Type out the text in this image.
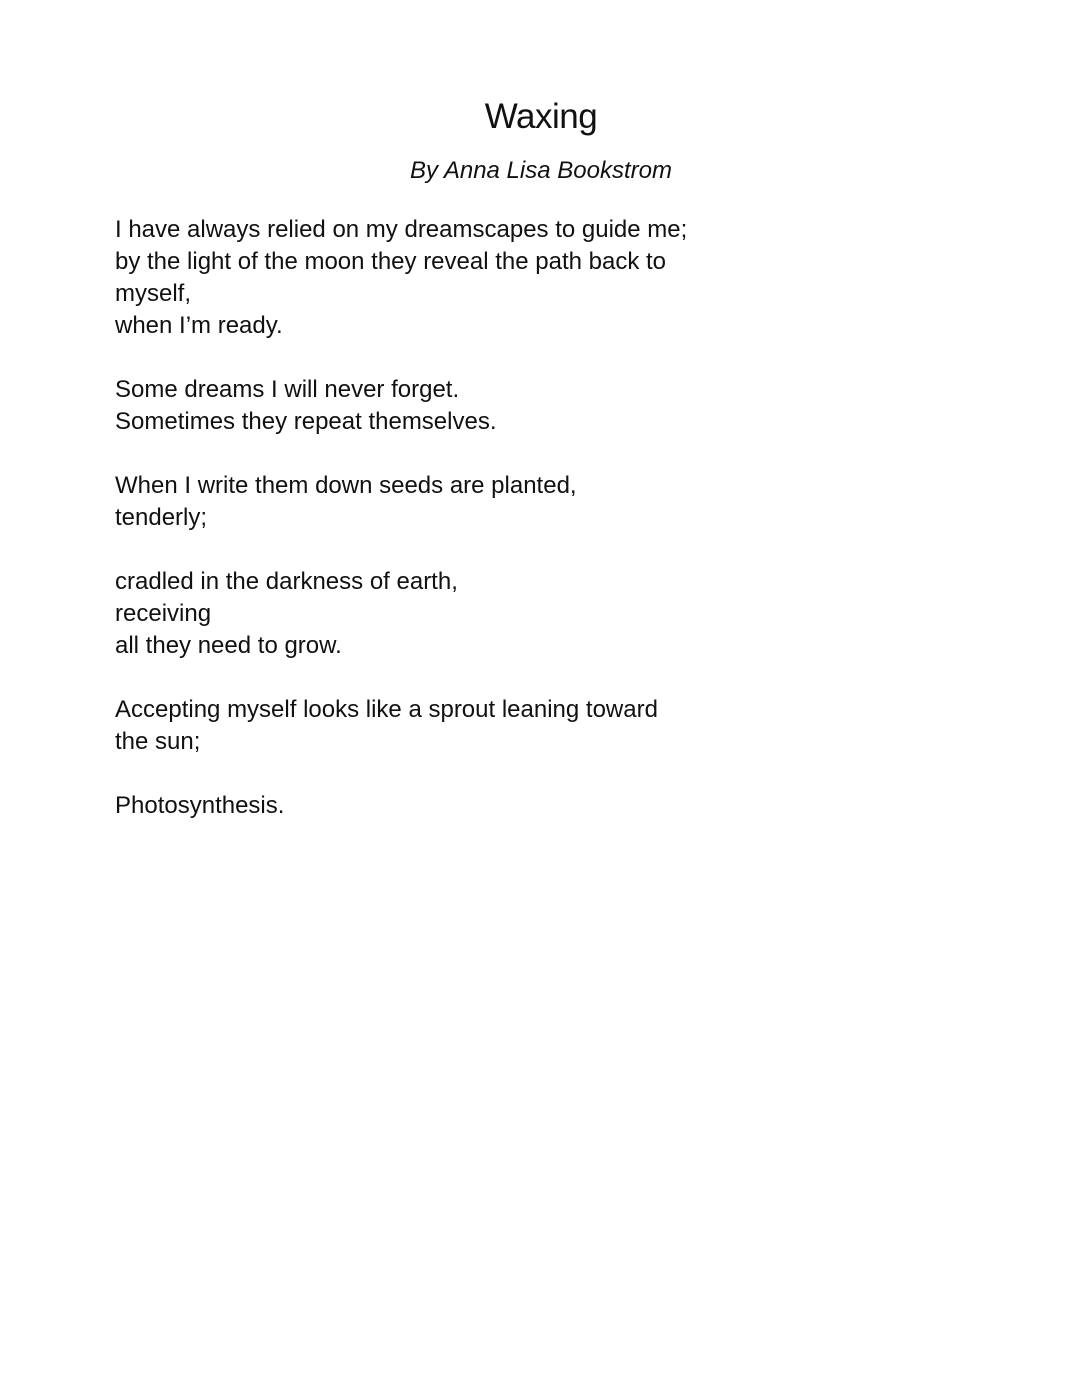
Waxing
By Anna Lisa Bookstrom
I have always relied on my dreamscapes to guide me;
by the light of the moon they reveal the path back to
myself,
when I’m ready.
Some dreams I will never forget.
Sometimes they repeat themselves.
When I write them down seeds are planted,
tenderly;
cradled in the darkness of earth,
receiving
all they need to grow.
Accepting myself looks like a sprout leaning toward
the sun;
Photosynthesis.
